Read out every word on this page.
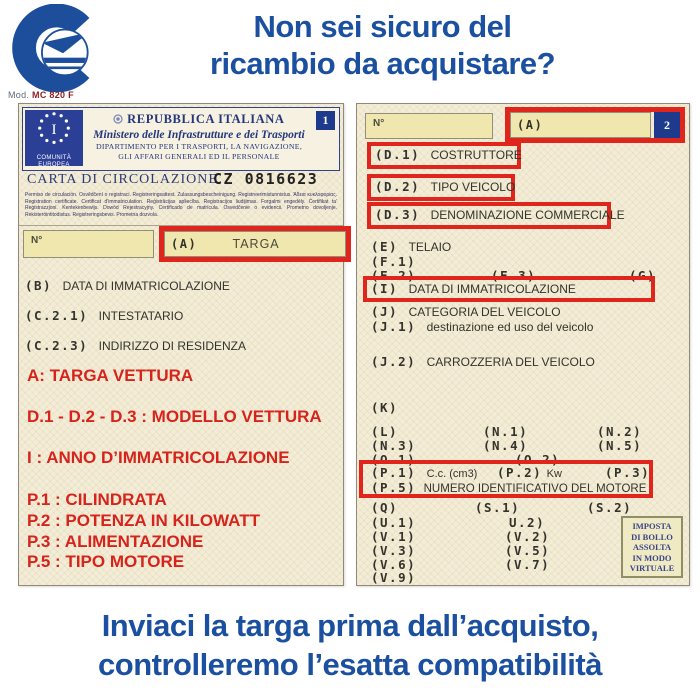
Non sei sicuro del
ricambio da acquistare?
Mod. MC 820 F
I
COMUNITÀ
EUROPEA
1
REPUBBLICA ITALIANA
Ministero delle Infrastrutture e dei Trasporti
DIPARTIMENTO PER I TRASPORTI, LA NAVIGAZIONE,
GLI AFFARI GENERALI ED IL PERSONALE
CARTA DI CIRCOLAZIONE
CZ 0816623
Permiso de circulación. Osvědčení o registraci. Registreringsattest. Zulassungsbescheinigung. Registreerimistunnistus. Άδεια κυκλοφορίας. Registration certificate. Certificat d'immatriculation. Reģistrācijas apliecība. Registracijos liudijimas. Forgalmi engedély. Ċertifikat ta' Reġistrazzjoni. Kentekenbewijs. Dowód Rejestracyjny. Certificado de matrícula. Osvedčenie o evidencii. Prometno dovoljenje. Rekisteröintitodistus. Registreringsbevis. Prometna dozvola.
N°	(A)	TARGA
(B) DATA DI IMMATRICOLAZIONE
(C.2.1) INTESTATARIO
(C.2.3) INDIRIZZO DI RESIDENZA
A: TARGA VETTURA
D.1 - D.2 - D.3 : MODELLO VETTURA
I : ANNO D’IMMATRICOLAZIONE
P.1 : CILINDRATA
P.2 : POTENZA IN KILOWATT
P.3 : ALIMENTAZIONE
P.5 : TIPO MOTORE
N°	(A)	2
(D.1) COSTRUTTORE
(D.2) TIPO VEICOLO
(D.3) DENOMINAZIONE COMMERCIALE
(E) TELAIO
(F.1)
(F.2)	(F.3)	(G)
(I) DATA DI IMMATRICOLAZIONE
(J) CATEGORIA DEL VEICOLO
(J.1) destinazione ed uso del veicolo
(J.2) CARROZZERIA DEL VEICOLO
(K)
(L)	(N.1)	(N.2)
(N.3)	(N.4)	(N.5)
(O.1)	(O.2)
(P.1) C.c. (cm3) (P.2) Kw	(P.3)
(P.5) NUMERO IDENTIFICATIVO DEL MOTORE
(Q)	(S.1)	(S.2)
(U.1)	U.2)
(V.1)	(V.2)
(V.3)	(V.5)
(V.6)	(V.7)
(V.9)
IMPOSTA
DI BOLLO
ASSOLTA
IN MODO
VIRTUALE
Inviaci la targa prima dall’acquisto,
controlleremo l’esatta compatibilità
